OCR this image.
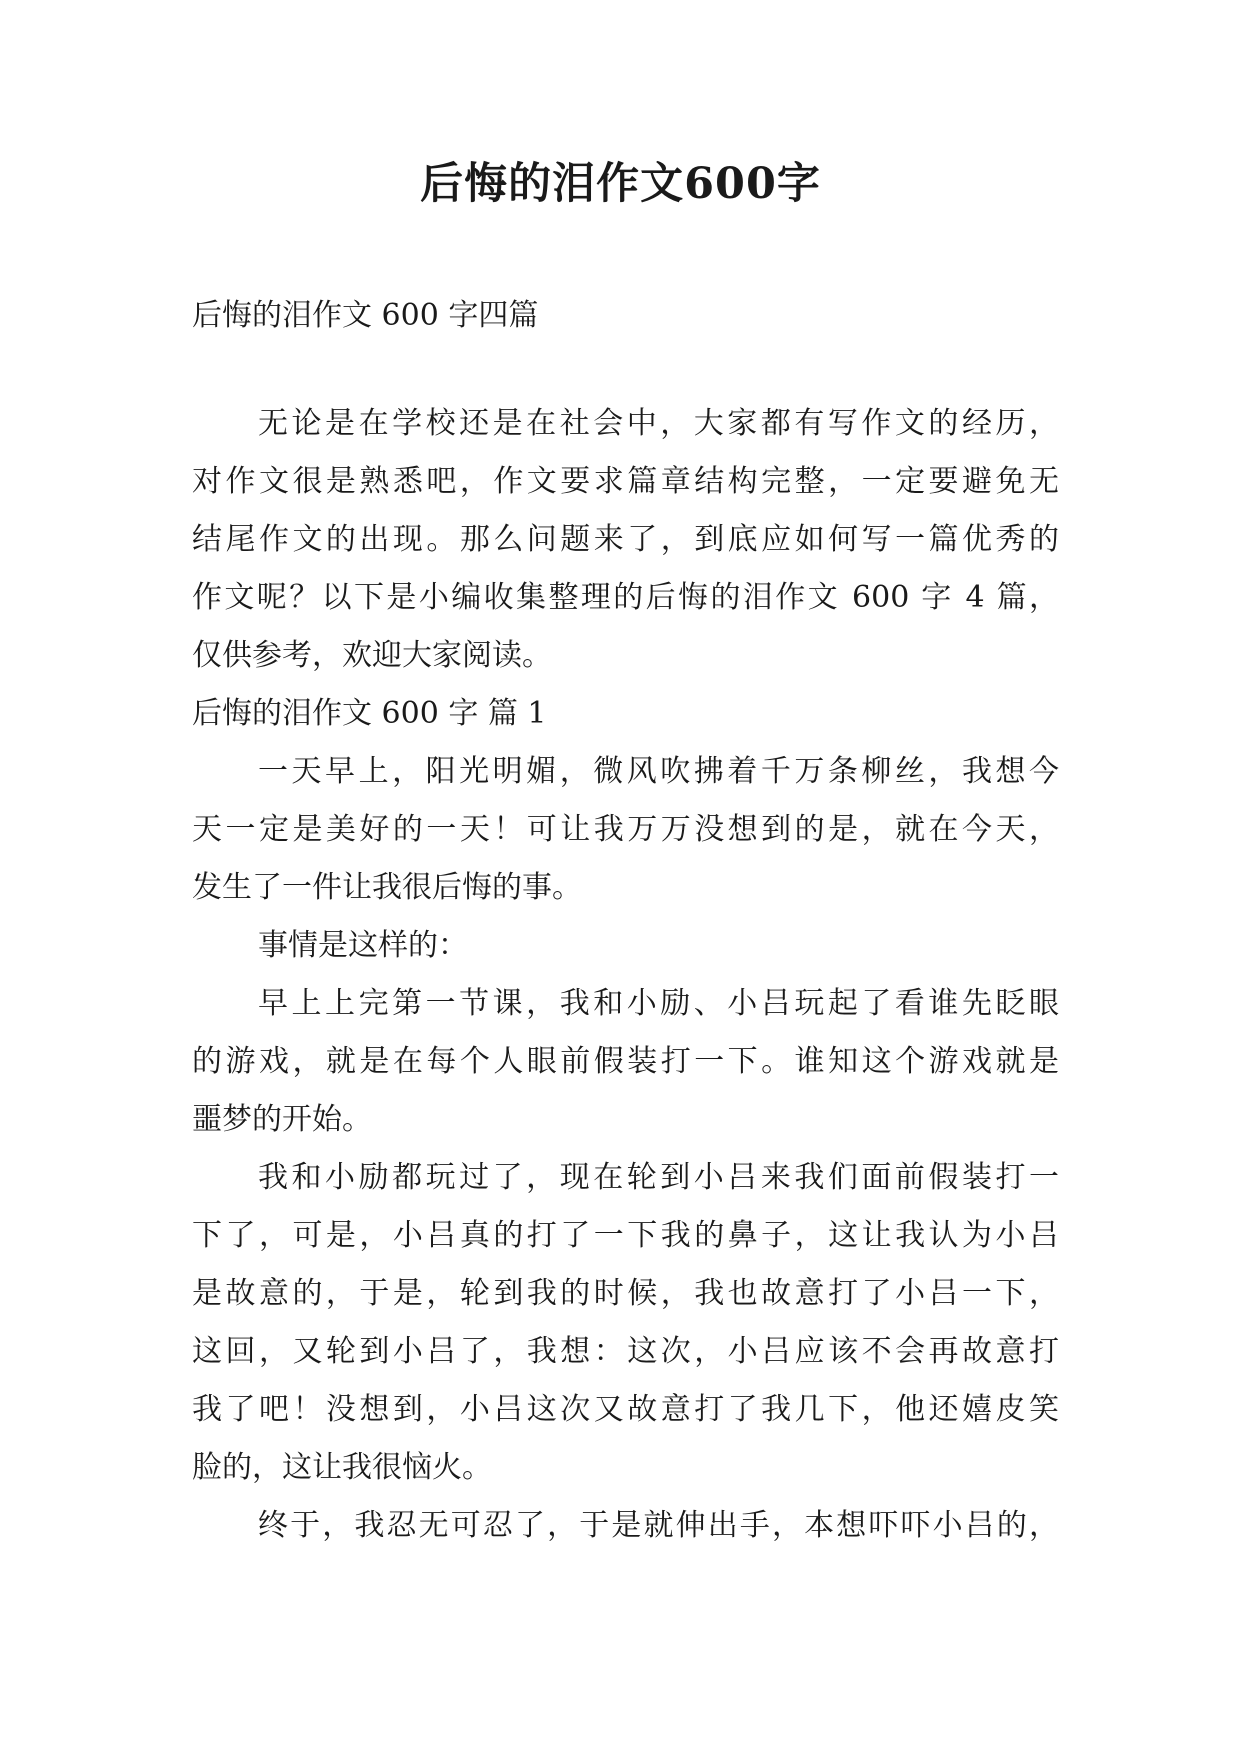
后悔的泪作文600字

后悔的泪作文 600 字四篇

无论是在学校还是在社会中，大家都有写作文的经历，

对作文很是熟悉吧，作文要求篇章结构完整，一定要避免无

结尾作文的出现。那么问题来了，到底应如何写一篇优秀的

作文呢？以下是小编收集整理的后悔的泪作文 600 字 4 篇，

仅供参考，欢迎大家阅读。

后悔的泪作文 600 字 篇 1

一天早上，阳光明媚，微风吹拂着千万条柳丝，我想今

天一定是美好的一天！可让我万万没想到的是，就在今天，

发生了一件让我很后悔的事。

事情是这样的：

早上上完第一节课，我和小励、小吕玩起了看谁先眨眼

的游戏，就是在每个人眼前假装打一下。谁知这个游戏就是

噩梦的开始。

我和小励都玩过了，现在轮到小吕来我们面前假装打一

下了，可是，小吕真的打了一下我的鼻子，这让我认为小吕

是故意的，于是，轮到我的时候，我也故意打了小吕一下，

这回，又轮到小吕了，我想：这次，小吕应该不会再故意打

我了吧！没想到，小吕这次又故意打了我几下，他还嬉皮笑

脸的，这让我很恼火。

终于，我忍无可忍了，于是就伸出手，本想吓吓小吕的，
